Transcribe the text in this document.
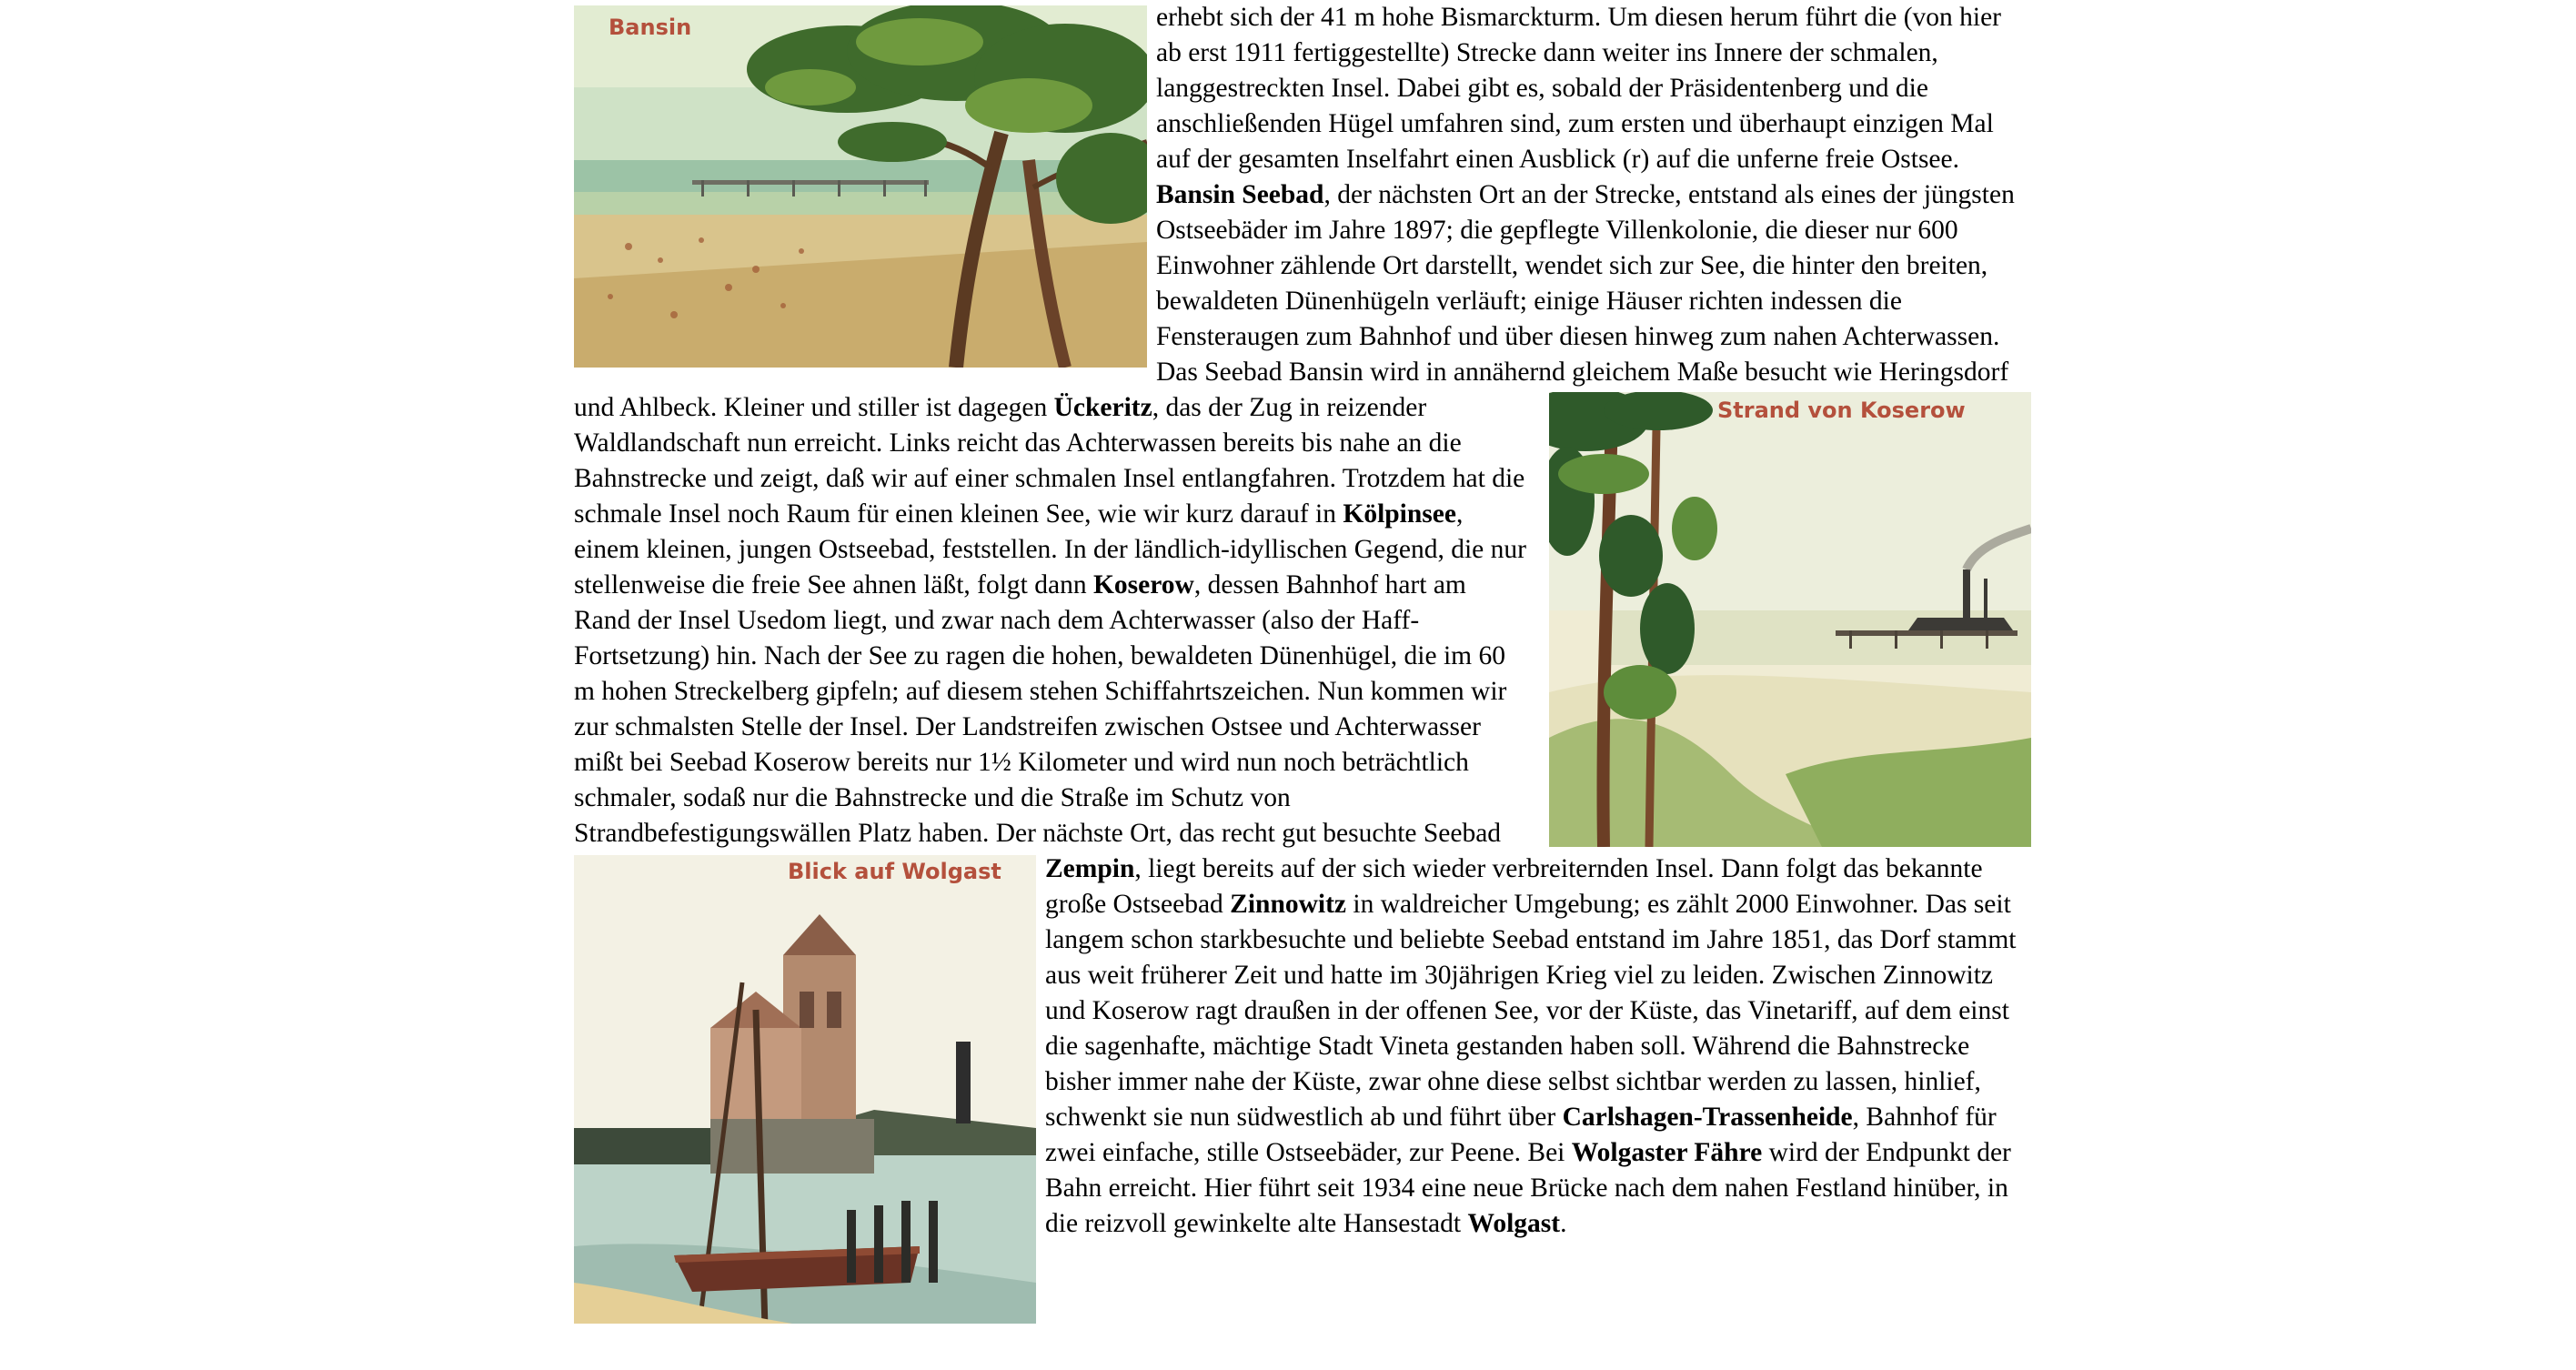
Bansin	erhebt sich der 41 m hohe Bismarckturm. Um diesen herum führt die (von hier ab erst 1911 fertiggestellte) Strecke dann weiter ins Innere der schmalen, langgestreckten Insel. Dabei gibt es, sobald der Präsidentenberg und die anschließenden Hügel umfahren sind, zum ersten und überhaupt einzigen Mal auf der gesamten Inselfahrt einen Ausblick (r) auf die unferne freie Ostsee. Bansin Seebad, der nächsten Ort an der Strecke, entstand als eines der jüngsten Ostseebäder im Jahre 1897; die gepflegte Villenkolonie, die dieser nur 600 Einwohner zählende Ort darstellt, wendet sich zur See, die hinter den breiten, bewaldeten Dünenhügeln verläuft; einige Häuser richten indessen die Fensteraugen zum Bahnhof und über diesen hinweg zum nahen Achterwassen. Das Seebad Bansin wird in annähernd gleichem Maße besucht wie Heringsdorf und Ahlbeck. Kleiner und stiller ist dagegen	Strand von Koserow
Ückeritz, das der Zug in reizender Waldlandschaft nun erreicht. Links reicht das Achterwassen bereits bis nahe an die Bahnstrecke und zeigt, daß wir auf einer schmalen Insel entlangfahren. Trotzdem hat die schmale Insel noch Raum für einen kleinen See, wie wir kurz darauf in Kölpinsee, einem kleinen, jungen Ostseebad, feststellen. In der ländlich-idyllischen Gegend, die nur stellenweise die freie See ahnen läßt, folgt dann Koserow, dessen Bahnhof hart am Rand der Insel Usedom liegt, und zwar nach dem Achterwasser (also der Haff-Fortsetzung) hin. Nach der See zu ragen die hohen, bewaldeten Dünenhügel, die im 60 m hohen Streckelberg gipfeln; auf diesem stehen Schiffahrtszeichen. Nun kommen wir zur schmalsten Stelle der Insel. Der Landstreifen zwischen Ostsee und Achterwasser mißt bei Seebad Koserow bereits nur 1½ Kilometer und wird nun noch beträchtlich schmaler, sodaß nur die Bahnstrecke und die Straße im Schutz von Strandbefestigungswällen Platz haben. Der nächste Ort, das recht gut besuchte Seebad
Blick auf Wolgast Zempin, liegt bereits auf der sich wieder verbreiternden Insel. Dann folgt das bekannte große Ostseebad Zinnowitz in waldreicher Umgebung; es zählt 2000 Einwohner. Das seit langem schon starkbesuchte und beliebte Seebad entstand im Jahre 1851, das Dorf stammt aus weit früherer Zeit und hatte im 30jährigen Krieg viel zu leiden. Zwischen Zinnowitz und Koserow ragt draußen in der offenen See, vor der Küste, das Vinetariff, auf dem einst die sagenhafte, mächtige Stadt Vineta gestanden haben soll. Während die Bahnstrecke bisher immer nahe der Küste, zwar ohne diese selbst sichtbar werden zu lassen, hinlief, schwenkt sie nun südwestlich ab und führt über Carlshagen-Trassenheide, Bahnhof für zwei einfache, stille Ostseebäder, zur Peene. Bei Wolgaster Fähre wird der Endpunkt der Bahn erreicht. Hier führt seit 1934 eine neue Brücke nach dem nahen Festland hinüber, in die reizvoll gewinkelte alte Hansestadt Wolgast.
